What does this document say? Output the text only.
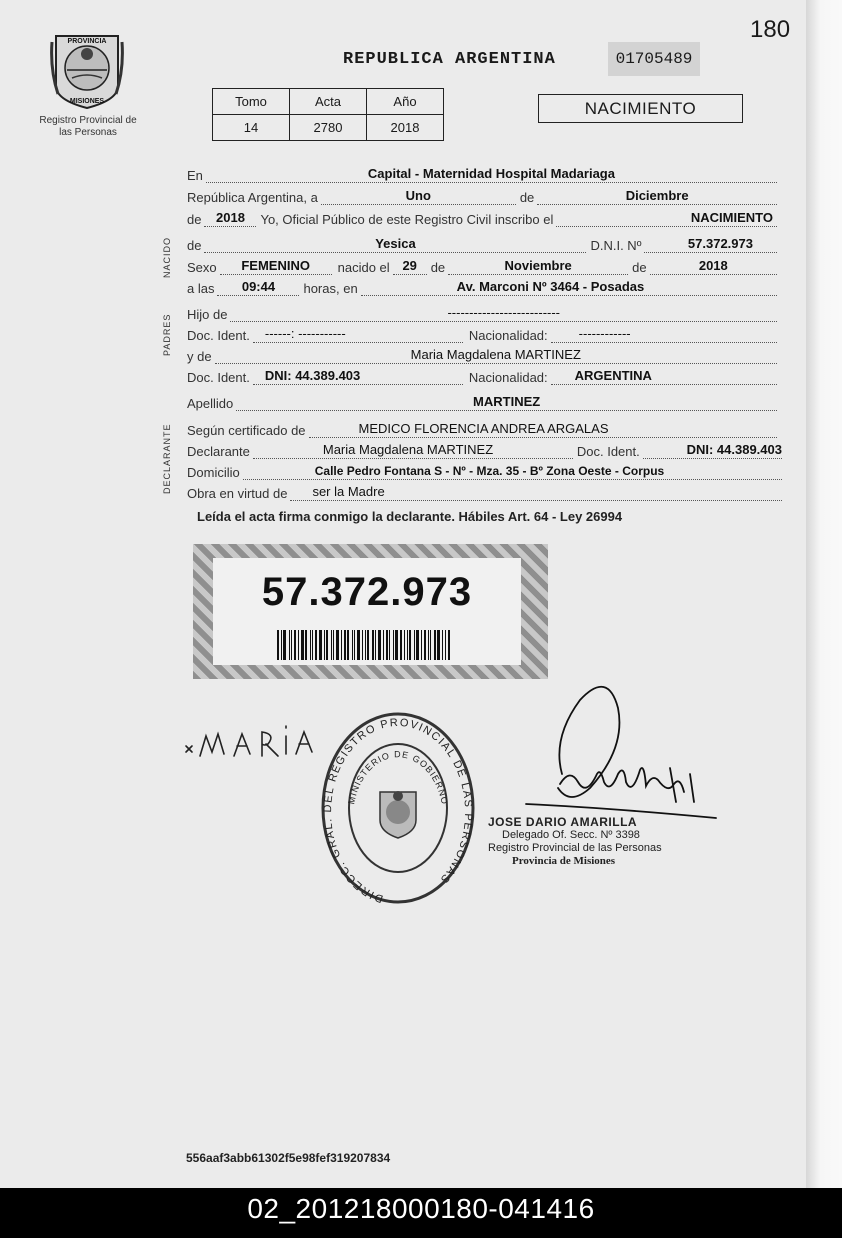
180
PROVINCIA
MISIONES
Registro Provincial de las Personas
REPUBLICA ARGENTINA	01705489
Tomo	Acta	Año
14	2780	2018
NACIMIENTO
NACIDO
PADRES
DECLARANTE
En	Capital - Maternidad Hospital Madariaga
República Argentina, a	Uno	de	Diciembre
de	2018	Yo, Oficial Público de este Registro Civil inscribo el	NACIMIENTO
de	Yesica	D.N.I. Nº	57.372.973
Sexo	FEMENINO	nacido el 29	de	Noviembre	de	2018
a las	09:44	horas, en	Av. Marconi Nº 3464 - Posadas
Hijo de	--------------------------
Doc. Ident. ------: -----------	Nacionalidad: ------------
y de	Maria Magdalena MARTINEZ
Doc. Ident. DNI: 44.389.403	Nacionalidad: ARGENTINA
Apellido	MARTINEZ
Según certificado de	MEDICO FLORENCIA ANDREA ARGALAS
Declarante	Maria Magdalena MARTINEZ	Doc. Ident.	DNI: 44.389.403
Domicilio	Calle Pedro Fontana S - Nº - Mza. 35 - Bº Zona Oeste - Corpus
Obra en virtud de ser la Madre
Leída el acta firma conmigo la declarante. Hábiles Art. 64 - Ley 26994
57.372.973
DIRECC. GRAL. DEL REGISTRO PROVINCIAL DE LAS PERSONAS
MINISTERIO DE GOBIERNO
JOSE DARIO AMARILLA
Delegado Of. Secc. Nº 3398
Registro Provincial de las Personas
Provincia de Misiones
556aaf3abb61302f5e98fef319207834
02_201218000180-041416
